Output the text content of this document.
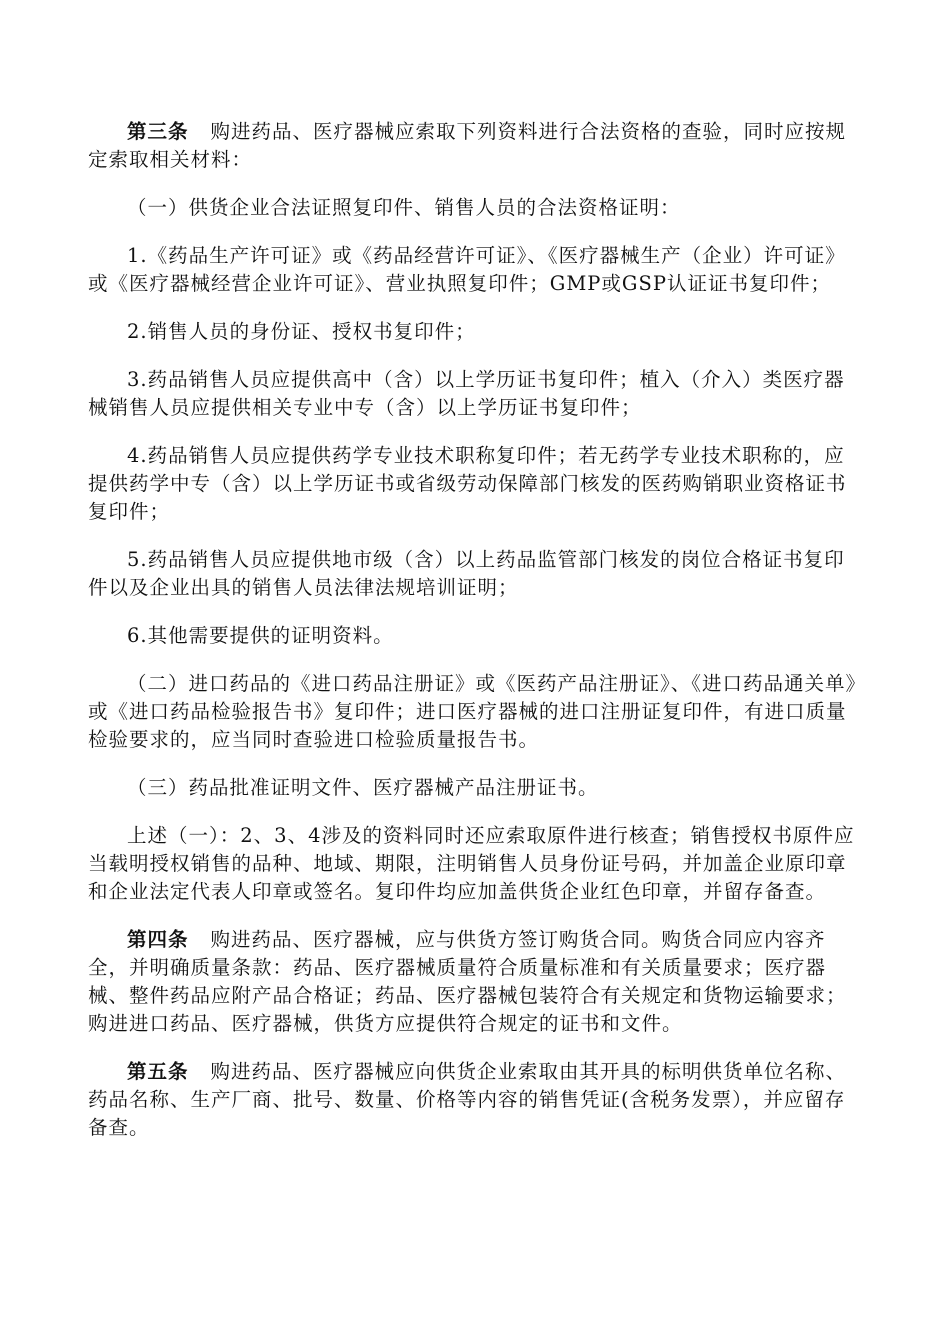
第三条 购进药品、医疗器械应索取下列资料进行合法资格的查验，同时应按规定索取相关材料：

（一）供货企业合法证照复印件、销售人员的合法资格证明：

1.《药品生产许可证》或《药品经营许可证》、《医疗器械生产（企业）许可证》或《医疗器械经营企业许可证》、营业执照复印件；GMP或GSP认证证书复印件；

2.销售人员的身份证、授权书复印件；

3.药品销售人员应提供高中（含）以上学历证书复印件；植入（介入）类医疗器械销售人员应提供相关专业中专（含）以上学历证书复印件；

4.药品销售人员应提供药学专业技术职称复印件；若无药学专业技术职称的，应提供药学中专（含）以上学历证书或省级劳动保障部门核发的医药购销职业资格证书复印件；

5.药品销售人员应提供地市级（含）以上药品监管部门核发的岗位合格证书复印件以及企业出具的销售人员法律法规培训证明；

6.其他需要提供的证明资料。

（二）进口药品的《进口药品注册证》或《医药产品注册证》、《进口药品通关单》或《进口药品检验报告书》复印件；进口医疗器械的进口注册证复印件，有进口质量检验要求的，应当同时查验进口检验质量报告书。

（三）药品批准证明文件、医疗器械产品注册证书。

上述（一）：2、3、4涉及的资料同时还应索取原件进行核查；销售授权书原件应当载明授权销售的品种、地域、期限，注明销售人员身份证号码，并加盖企业原印章和企业法定代表人印章或签名。复印件均应加盖供货企业红色印章，并留存备查。

第四条 购进药品、医疗器械，应与供货方签订购货合同。购货合同应内容齐全，并明确质量条款：药品、医疗器械质量符合质量标准和有关质量要求；医疗器械、整件药品应附产品合格证；药品、医疗器械包装符合有关规定和货物运输要求；购进进口药品、医疗器械，供货方应提供符合规定的证书和文件。

第五条 购进药品、医疗器械应向供货企业索取由其开具的标明供货单位名称、药品名称、生产厂商、批号、数量、价格等内容的销售凭证(含税务发票），并应留存备查。
